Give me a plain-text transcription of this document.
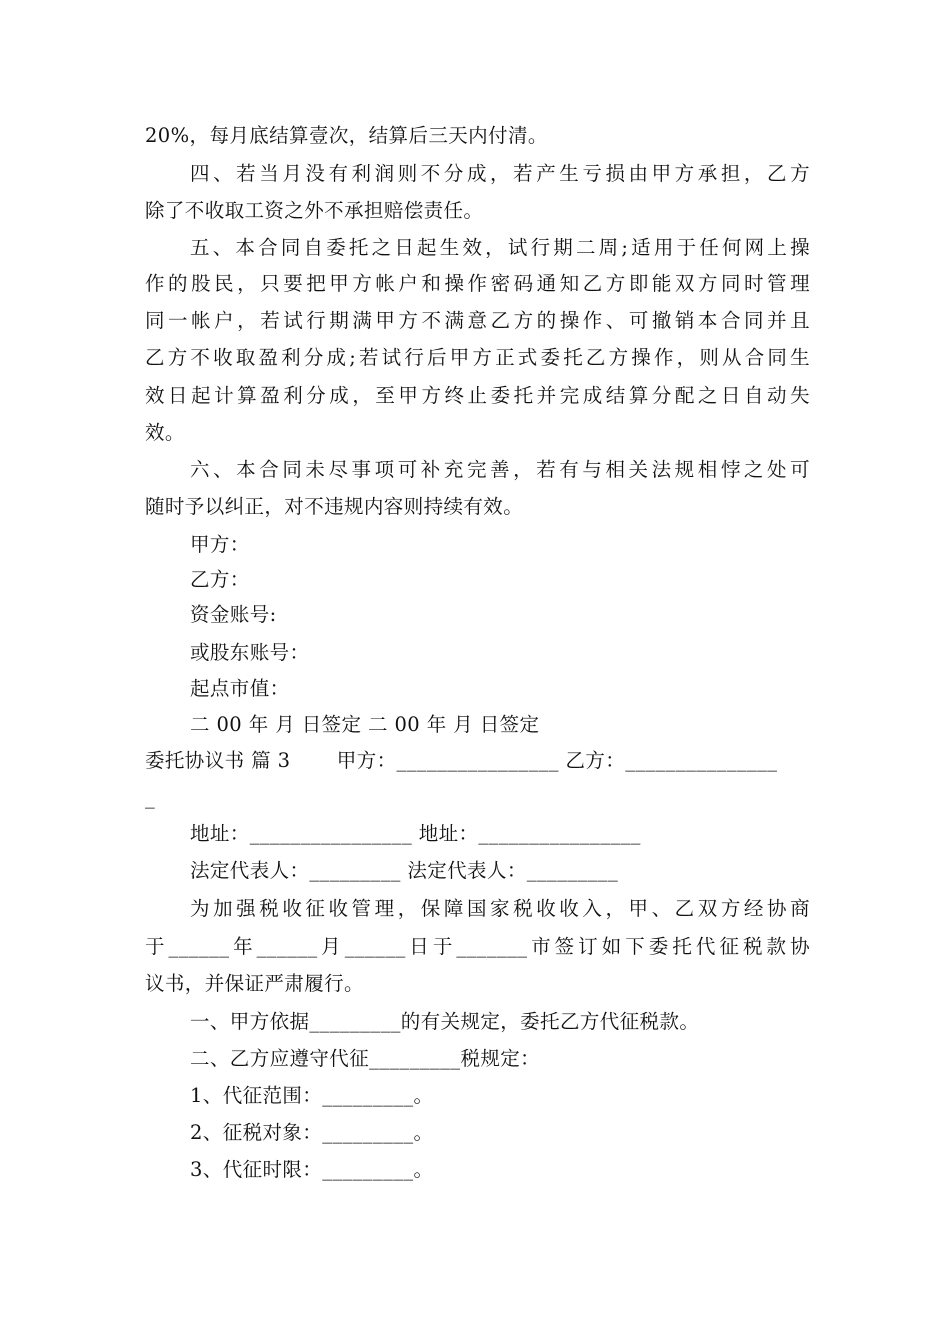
20%，每月底结算壹次，结算后三天内付清。
四、若当月没有利润则不分成，若产生亏损由甲方承担，乙方
除了不收取工资之外不承担赔偿责任。
五、本合同自委托之日起生效，试行期二周;适用于任何网上操
作的股民，只要把甲方帐户和操作密码通知乙方即能双方同时管理
同一帐户，若试行期满甲方不满意乙方的操作、可撤销本合同并且
乙方不收取盈利分成;若试行后甲方正式委托乙方操作，则从合同生
效日起计算盈利分成，至甲方终止委托并完成结算分配之日自动失
效。
六、本合同未尽事项可补充完善，若有与相关法规相悖之处可
随时予以纠正，对不违规内容则持续有效。
甲方：
乙方：
资金账号:
或股东账号：
起点市值：
二 00 年 月 日签定 二 00 年 月 日签定
委托协议书 篇 3 　　甲方：________________ 乙方：_______________
_
地址：________________ 地址：________________
法定代表人：_________ 法定代表人：_________
为加强税收征收管理，保障国家税收收入，甲、乙双方经协商
于______年______月______日于_______市签订如下委托代征税款协
议书，并保证严肃履行。
一、甲方依据_________的有关规定，委托乙方代征税款。
二、乙方应遵守代征_________税规定：
1、代征范围：_________。
2、征税对象：_________。
3、代征时限：_________。
